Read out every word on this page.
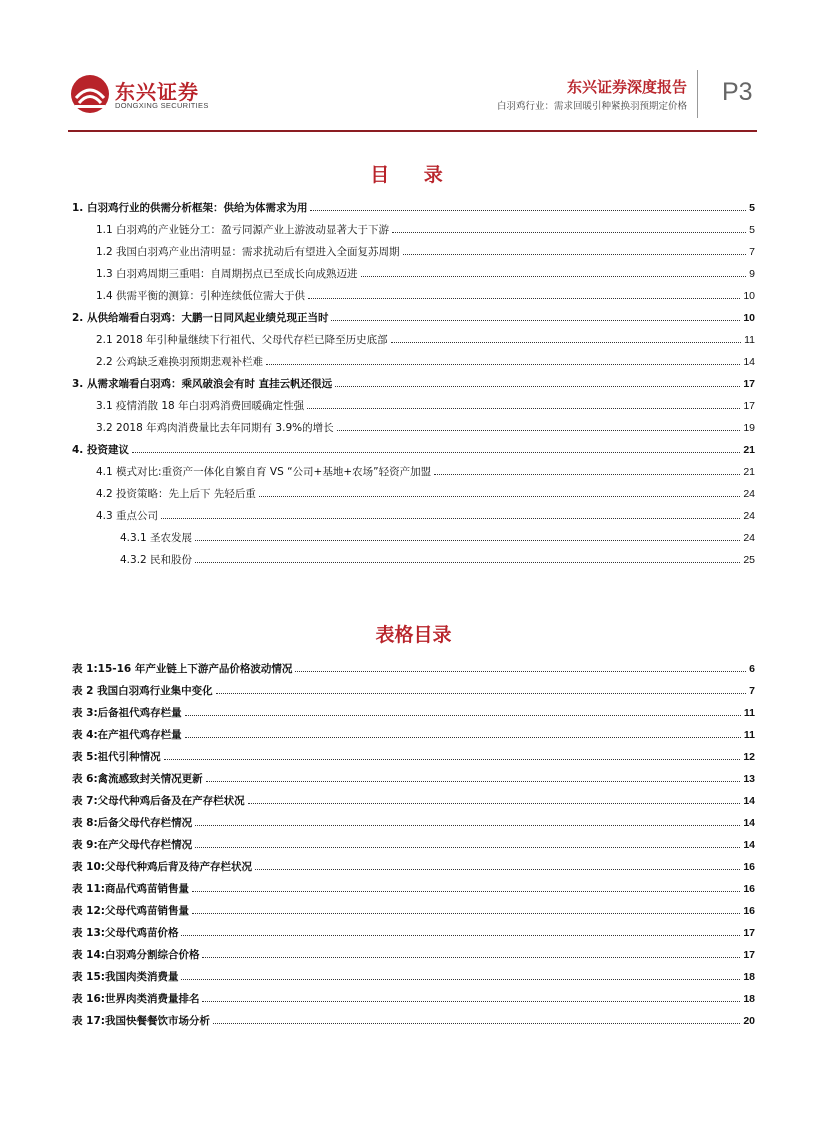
东兴证券
DONGXING SECURITIES
东兴证券深度报告
白羽鸡行业：需求回暖引种紧换羽预期定价格
P3
目 录
1. 白羽鸡行业的供需分析框架：供给为体需求为用	5
1.1 白羽鸡的产业链分工：盈亏同源产业上游波动显著大于下游	5
1.2 我国白羽鸡产业出清明显：需求扰动后有望进入全面复苏周期	7
1.3 白羽鸡周期三重唱：自周期拐点已至成长向成熟迈进	9
1.4 供需平衡的测算：引种连续低位需大于供	10
2. 从供给端看白羽鸡：大鹏一日同风起业绩兑现正当时	10
2.1 2018 年引种量继续下行祖代、父母代存栏已降至历史底部	11
2.2 公鸡缺乏难换羽预期悲观补栏难	14
3. 从需求端看白羽鸡：乘风破浪会有时 直挂云帆还很远	17
3.1 疫情消散 18 年白羽鸡消费回暖确定性强	17
3.2 2018 年鸡肉消费量比去年同期有 3.9%的增长	19
4. 投资建议	21
4.1 模式对比:重资产一体化自繁自育 VS “公司+基地+农场”轻资产加盟	21
4.2 投资策略：先上后下 先轻后重	24
4.3 重点公司	24
4.3.1 圣农发展	24
4.3.2 民和股份	25
表格目录
表 1:15-16 年产业链上下游产品价格波动情况	6
表 2 我国白羽鸡行业集中变化	7
表 3:后备祖代鸡存栏量	11
表 4:在产祖代鸡存栏量	11
表 5:祖代引种情况	12
表 6:禽流感致封关情况更新	13
表 7:父母代种鸡后备及在产存栏状况	14
表 8:后备父母代存栏情况	14
表 9:在产父母代存栏情况	14
表 10:父母代种鸡后背及待产存栏状况	16
表 11:商品代鸡苗销售量	16
表 12:父母代鸡苗销售量	16
表 13:父母代鸡苗价格	17
表 14:白羽鸡分割综合价格	17
表 15:我国肉类消费量	18
表 16:世界肉类消费量排名	18
表 17:我国快餐餐饮市场分析	20
